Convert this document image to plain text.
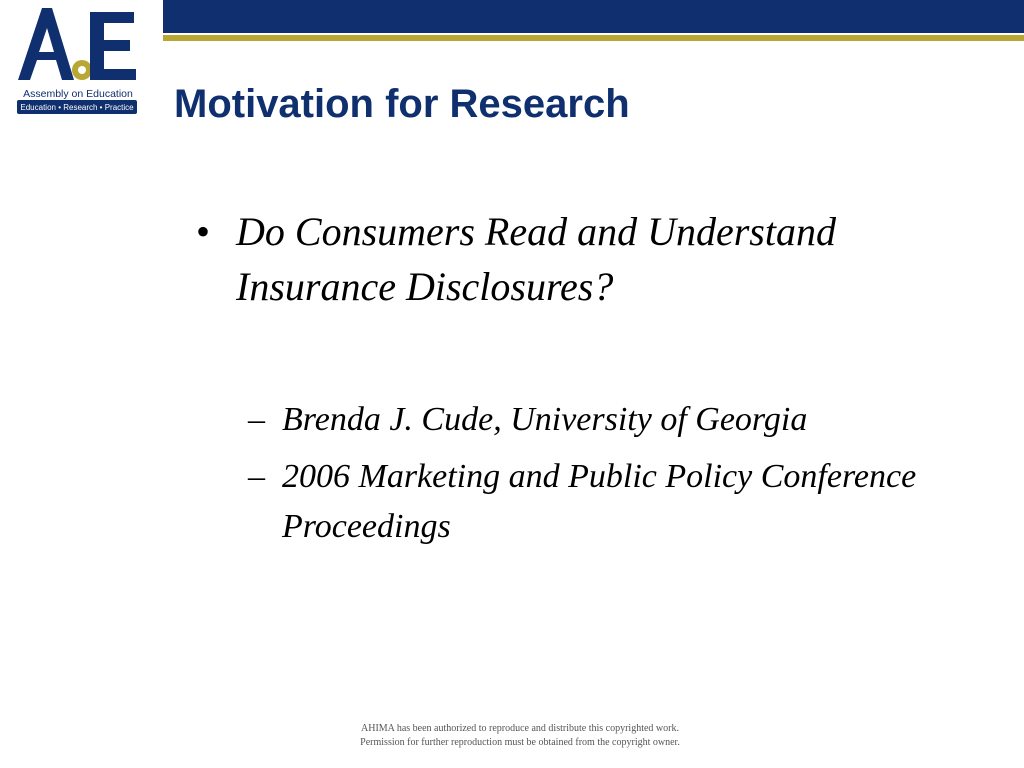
Assembly on Education
Education • Research • Practice Motivation for Research
• Do Consumers Read and Understand Insurance Disclosures?
– Brenda J. Cude, University of Georgia
– 2006 Marketing and Public Policy Conference Proceedings
AHIMA has been authorized to reproduce and distribute this copyrighted work.
Permission for further reproduction must be obtained from the copyright owner.
